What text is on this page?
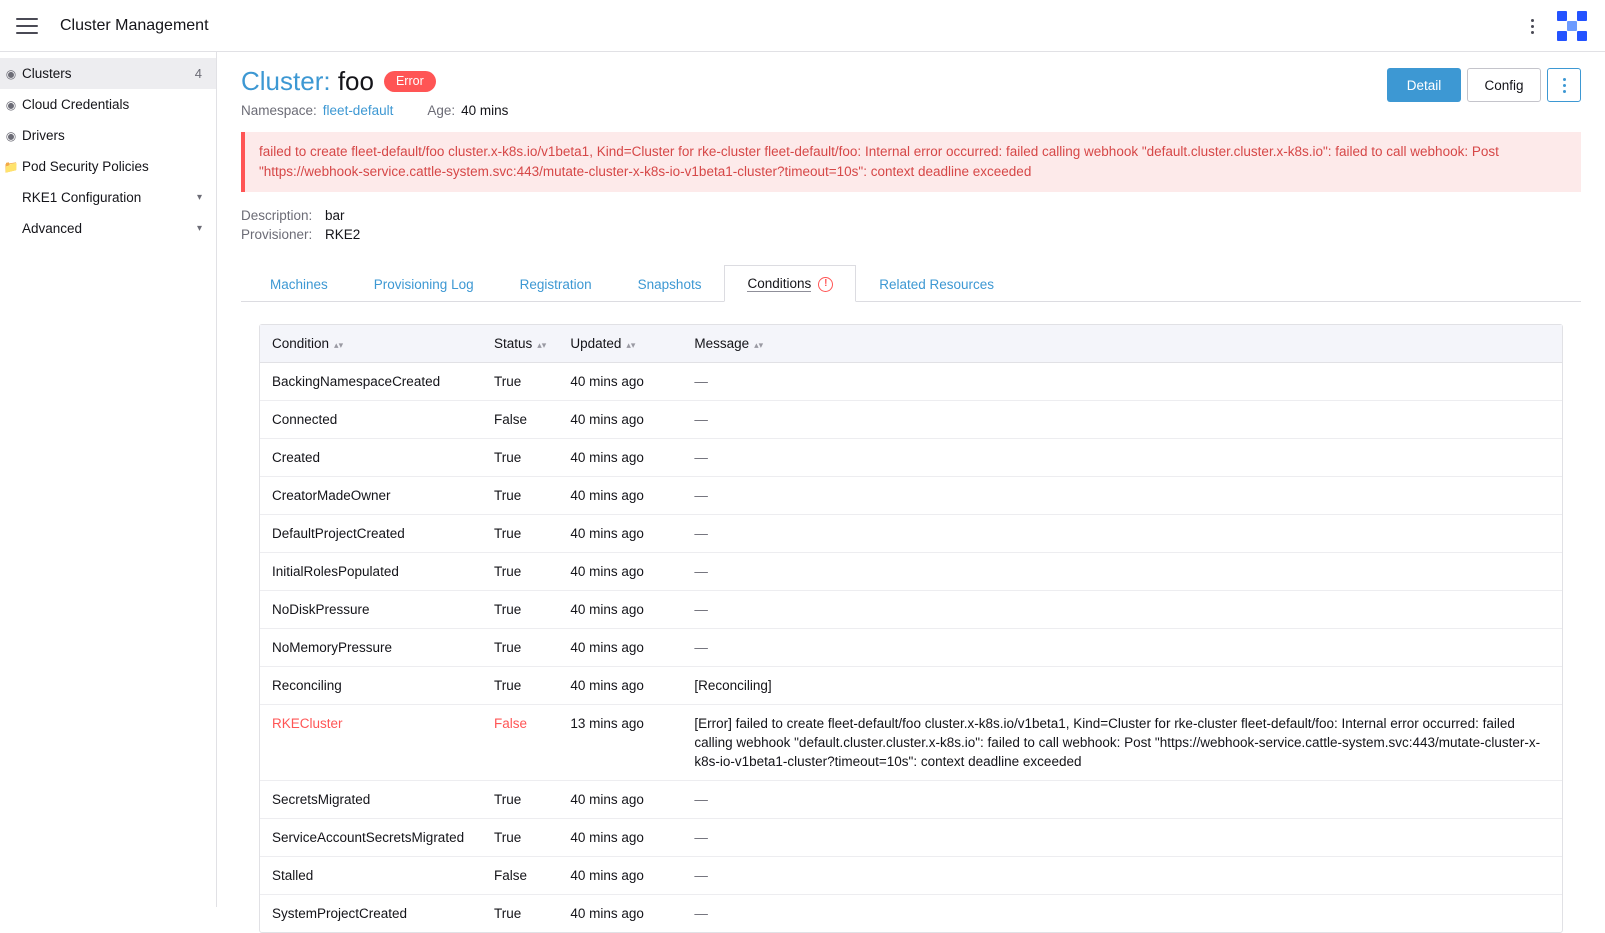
Cluster Management
◉ Clusters	4
◉ Cloud Credentials
◉ Drivers
📁 Pod Security Policies
RKE1 Configuration	▾
Advanced	▾
Cluster: foo	Error
Namespace: fleet-default	Age: 40 mins
Detail	Config
failed to create fleet-default/foo cluster.x-k8s.io/v1beta1, Kind=Cluster for rke-cluster fleet-default/foo: Internal error occurred: failed calling webhook "default.cluster.cluster.x-k8s.io": failed to call webhook: Post "https://webhook-service.cattle-system.svc:443/mutate-cluster-x-k8s-io-v1beta1-cluster?timeout=10s": context deadline exceeded
Description: bar
Provisioner: RKE2
Machines	Provisioning Log	Registration	Snapshots	Conditions	!	Related Resources
Condition ▴▾	Status ▴▾	Updated ▴▾	Message ▴▾
BackingNamespaceCreated	True	40 mins ago	—
Connected	False	40 mins ago	—
Created	True	40 mins ago	—
CreatorMadeOwner	True	40 mins ago	—
DefaultProjectCreated	True	40 mins ago	—
InitialRolesPopulated	True	40 mins ago	—
NoDiskPressure	True	40 mins ago	—
NoMemoryPressure	True	40 mins ago	—
Reconciling	True	40 mins ago	[Reconciling]
RKECluster	False	13 mins ago	[Error] failed to create fleet-default/foo cluster.x-k8s.io/v1beta1, Kind=Cluster for rke-cluster fleet-default/foo: Internal error occurred: failed calling webhook "default.cluster.cluster.x-k8s.io": failed to call webhook: Post "https://webhook-service.cattle-system.svc:443/mutate-cluster-x-k8s-io-v1beta1-cluster?timeout=10s": context deadline exceeded
SecretsMigrated	True	40 mins ago	—
ServiceAccountSecretsMigrated	True	40 mins ago	—
Stalled	False	40 mins ago	—
SystemProjectCreated	True	40 mins ago	—
